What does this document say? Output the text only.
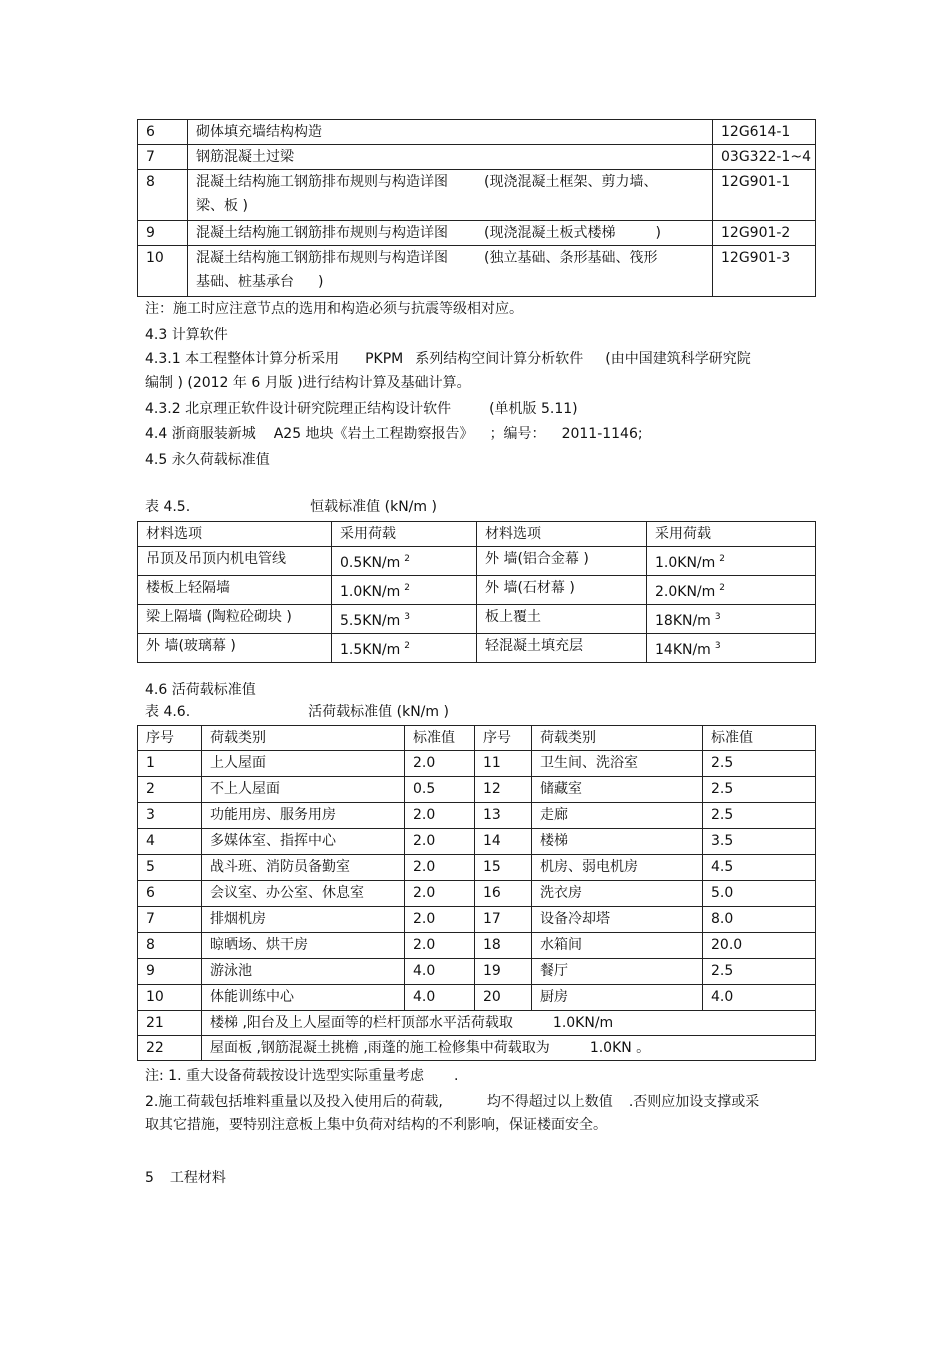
6	砌体填充墙结构构造	12G614-1
7	钢筋混凝土过梁	03G322-1~4
8	混凝土结构施工钢筋排布规则与构造详图 (现浇混凝土框架、剪力墙、
梁、板 )	12G901-1
9	混凝土结构施工钢筋排布规则与构造详图 (现浇混凝土板式楼梯 )	12G901-2
10	混凝土结构施工钢筋排布规则与构造详图 (独立基础、条形基础、筏形
基础、桩基承台 )	12G901-3
注：施工时应注意节点的选用和构造必须与抗震等级相对应。
4.3 计算软件
4.3.1 本工程整体计算分析采用 PKPM 系列结构空间计算分析软件 (由中国建筑科学研究院
编制 ) (2012 年 6 月版 )进行结构计算及基础计算。
4.3.2 北京理正软件设计研究院理正结构设计软件	(单机版 5.11)
4.4 浙商服装新城 A25 地块《岩土工程勘察报告》 ；编号： 2011-1146;
4.5 永久荷载标准值
表 4.5.	恒载标准值 (kN/m )
材料选项	采用荷载	材料选项	采用荷载
吊顶及吊顶内机电管线	0.5KN/m $^2$	外 墙(铝合金幕 )	1.0KN/m $^2$
楼板上轻隔墙	1.0KN/m $^2$	外 墙(石材幕 )	2.0KN/m $^2$
梁上隔墙 (陶粒砼砌块 )	5.5KN/m $^3$	板上覆土	18KN/m $^3$
外 墙(玻璃幕 )	1.5KN/m $^2$	轻混凝土填充层	14KN/m $^3$
4.6 活荷载标准值
表 4.6.	活荷载标准值 (kN/m )
序号	荷载类别	标准值	序号	荷载类别	标准值
1	上人屋面	2.0	11	卫生间、洗浴室	2.5
2	不上人屋面	0.5	12	储藏室	2.5
3	功能用房、服务用房	2.0	13	走廊	2.5
4	多媒体室、指挥中心	2.0	14	楼梯	3.5
5	战斗班、消防员备勤室	2.0	15	机房、弱电机房	4.5
6	会议室、办公室、休息室	2.0	16	洗衣房	5.0
7	排烟机房	2.0	17	设备冷却塔	8.0
8	晾晒场、烘干房	2.0	18	水箱间	20.0
9	游泳池	4.0	19	餐厅	2.5
10	体能训练中心	4.0	20	厨房	4.0
21	楼梯 ,阳台及上人屋面等的栏杆顶部水平活荷载取 1.0KN/m				
22	屋面板 ,钢筋混凝土挑檐 ,雨蓬的施工检修集中荷载取为 1.0KN 。				
注: 1. 重大设备荷载按设计选型实际重量考虑 .
2.施工荷载包括堆料重量以及投入使用后的荷载,	均不得超过以上数值 .否则应加设支撑或采
取其它措施，要特别注意板上集中负荷对结构的不利影响，保证楼面安全。
5 工程材料
